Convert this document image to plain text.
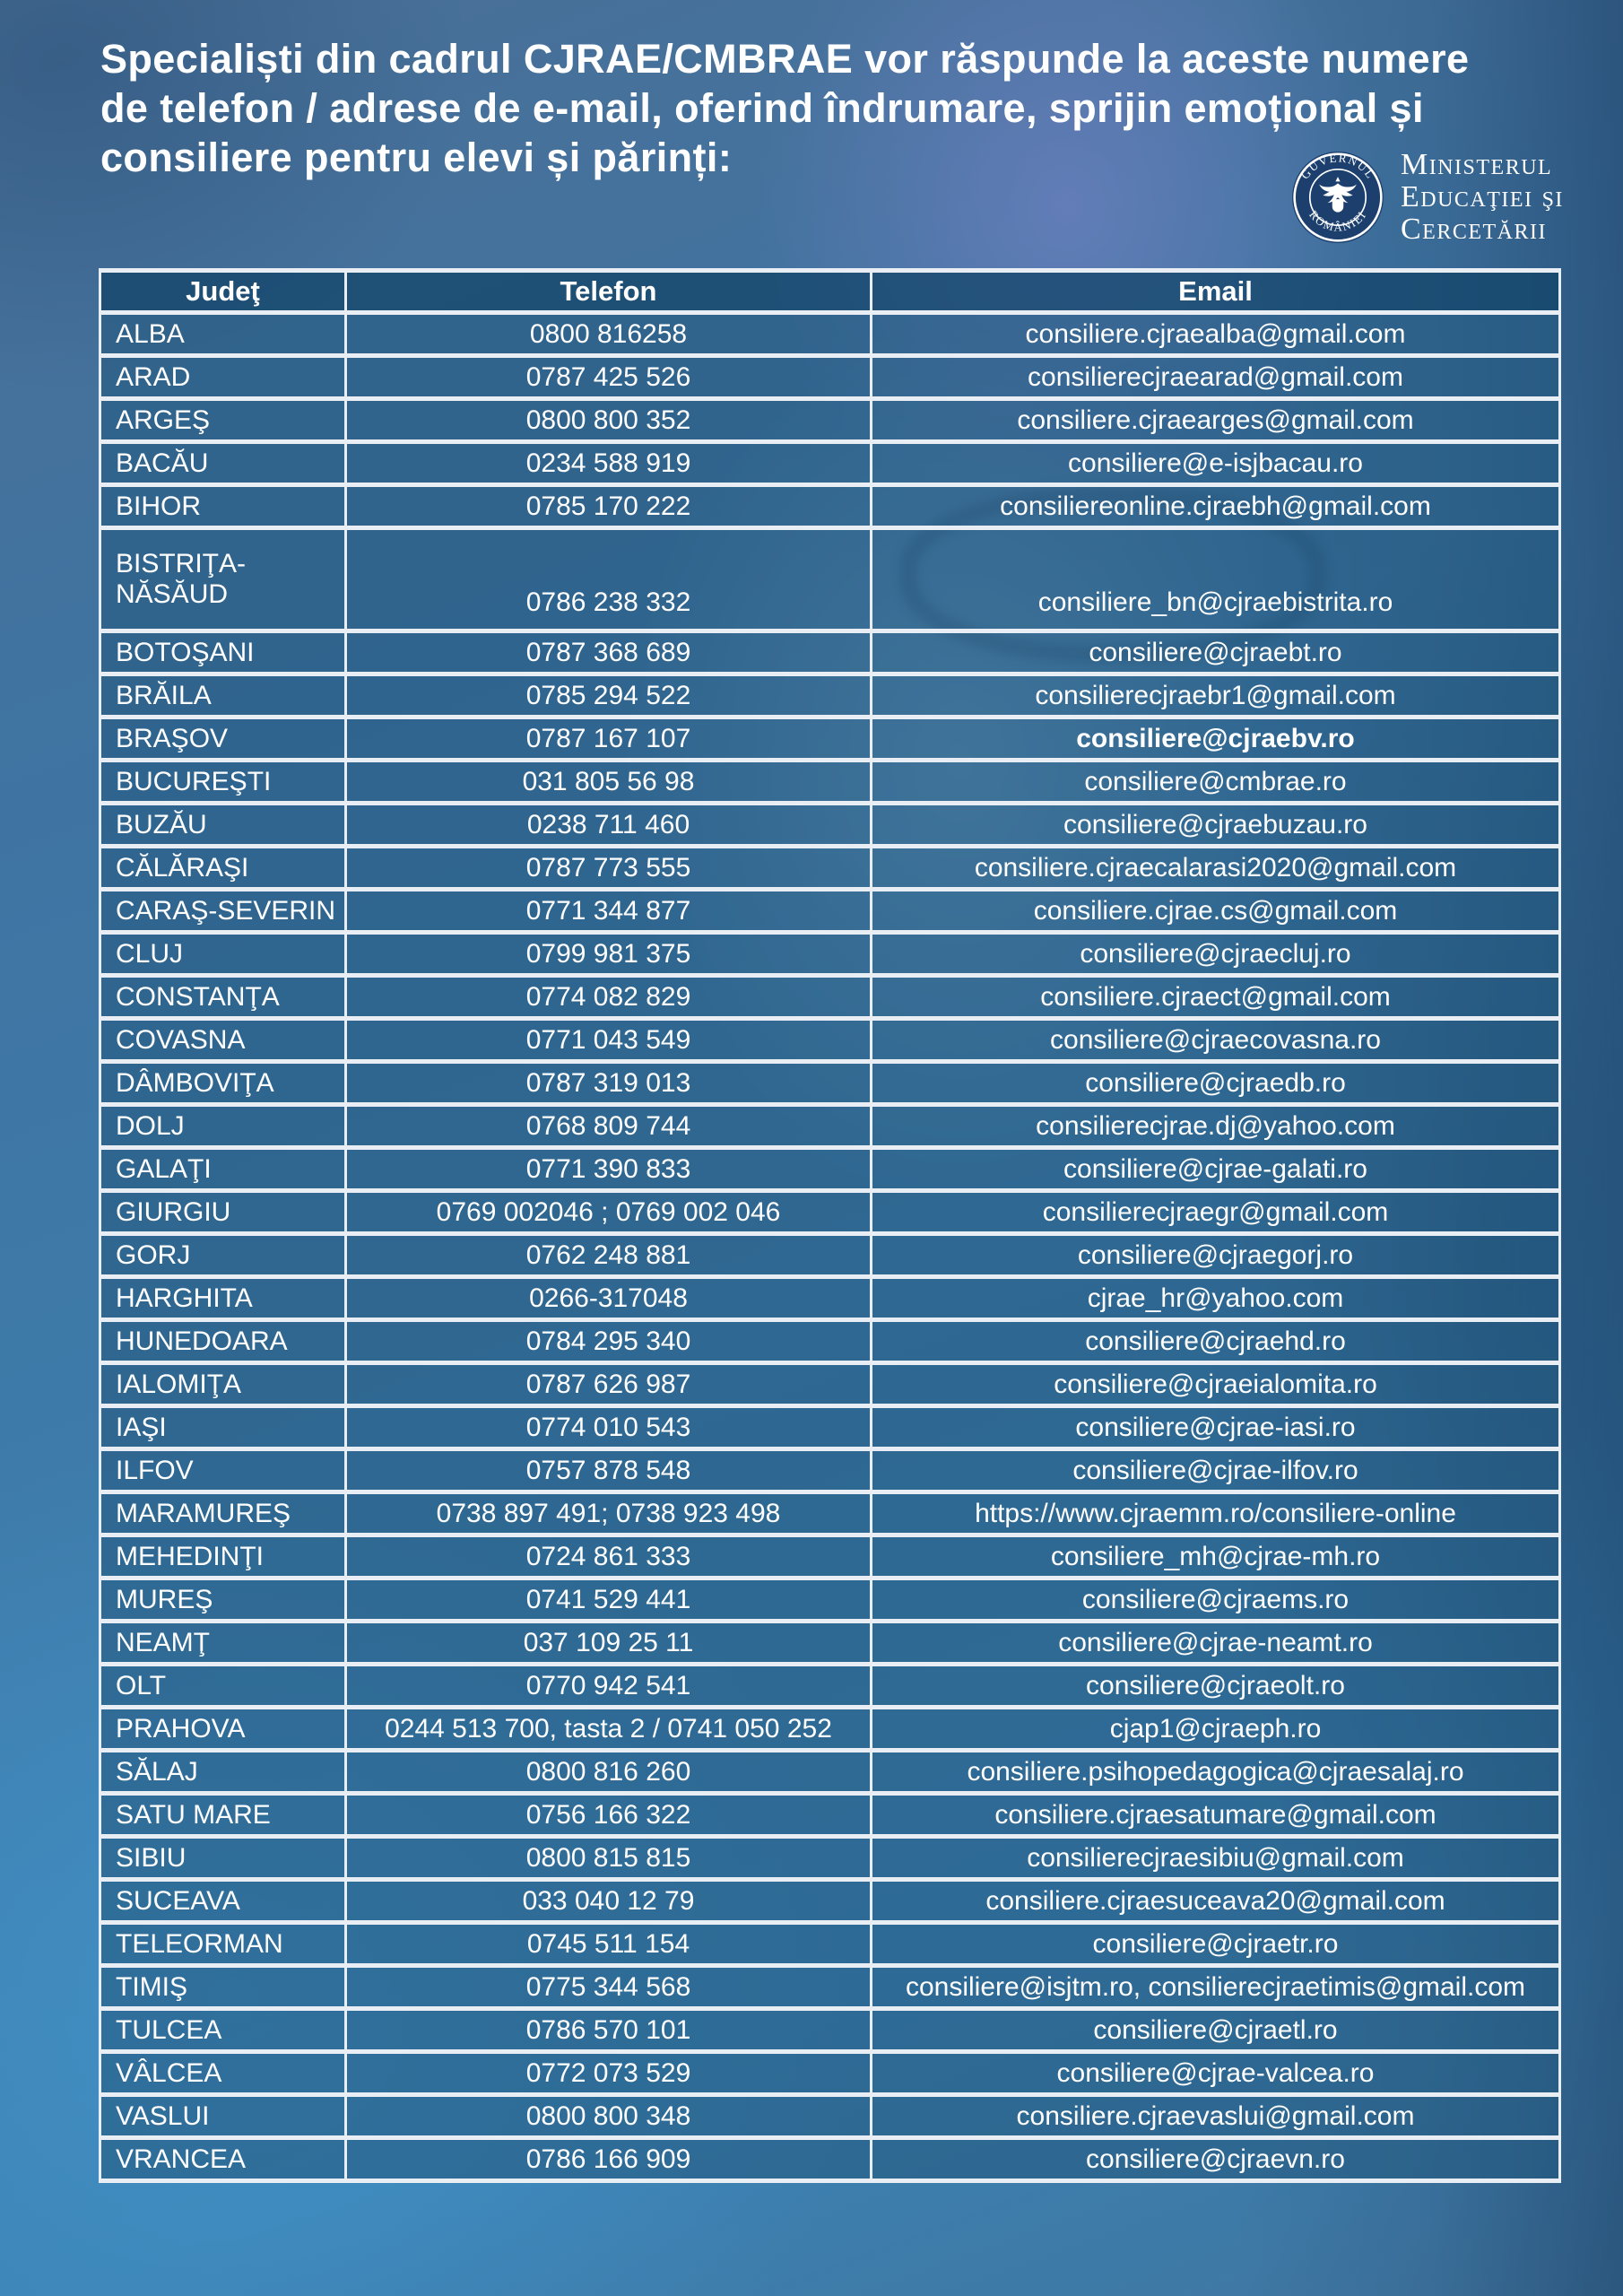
Specialiști din cadrul CJRAE/CMBRAE vor răspunde la aceste numere
de telefon / adrese de e-mail, oferind îndrumare, sprijin emoțional și
consiliere pentru elevi și părinți:	GUVERNUL
ROMÂNIEI
Ministerul
Educaţiei şi
Cercetării
Judeţ	Telefon	Email
ALBA	0800 816258	consiliere.cjraealba@gmail.com
ARAD	0787 425 526	consilierecjraearad@gmail.com
ARGEŞ	0800 800 352	consiliere.cjraearges@gmail.com
BACĂU	0234 588 919	consiliere@e-isjbacau.ro
BIHOR	0785 170 222	consiliereonline.cjraebh@gmail.com
BISTRIŢA-
NĂSĂUD	0786 238 332	consiliere_bn@cjraebistrita.ro
BOTOŞANI	0787 368 689	consiliere@cjraebt.ro
BRĂILA	0785 294 522	consilierecjraebr1@gmail.com
BRAŞOV	0787 167 107	consiliere@cjraebv.ro
BUCUREŞTI	031 805 56 98	consiliere@cmbrae.ro
BUZĂU	0238 711 460	consiliere@cjraebuzau.ro
CĂLĂRAŞI	0787 773 555	consiliere.cjraecalarasi2020@gmail.com
CARAŞ-SEVERIN	0771 344 877	consiliere.cjrae.cs@gmail.com
CLUJ	0799 981 375	consiliere@cjraecluj.ro
CONSTANŢA	0774 082 829	consiliere.cjraect@gmail.com
COVASNA	0771 043 549	consiliere@cjraecovasna.ro
DÂMBOVIŢA	0787 319 013	consiliere@cjraedb.ro
DOLJ	0768 809 744	consilierecjrae.dj@yahoo.com
GALAŢI	0771 390 833	consiliere@cjrae-galati.ro
GIURGIU	0769 002046 ; 0769 002 046	consilierecjraegr@gmail.com
GORJ	0762 248 881	consiliere@cjraegorj.ro
HARGHITA	0266-317048	cjrae_hr@yahoo.com
HUNEDOARA	0784 295 340	consiliere@cjraehd.ro
IALOMIŢA	0787 626 987	consiliere@cjraeialomita.ro
IAŞI	0774 010 543	consiliere@cjrae-iasi.ro
ILFOV	0757 878 548	consiliere@cjrae-ilfov.ro
MARAMUREŞ	0738 897 491; 0738 923 498	https://www.cjraemm.ro/consiliere-online
MEHEDINŢI	0724 861 333	consiliere_mh@cjrae-mh.ro
MUREŞ	0741 529 441	consiliere@cjraems.ro
NEAMŢ	037 109 25 11	consiliere@cjrae-neamt.ro
OLT	0770 942 541	consiliere@cjraeolt.ro
PRAHOVA	0244 513 700, tasta 2 / 0741 050 252	cjap1@cjraeph.ro
SĂLAJ	0800 816 260	consiliere.psihopedagogica@cjraesalaj.ro
SATU MARE	0756 166 322	consiliere.cjraesatumare@gmail.com
SIBIU	0800 815 815	consilierecjraesibiu@gmail.com
SUCEAVA	033 040 12 79	consiliere.cjraesuceava20@gmail.com
TELEORMAN	0745 511 154	consiliere@cjraetr.ro
TIMIŞ	0775 344 568	consiliere@isjtm.ro, consilierecjraetimis@gmail.com
TULCEA	0786 570 101	consiliere@cjraetl.ro
VÂLCEA	0772 073 529	consiliere@cjrae-valcea.ro
VASLUI	0800 800 348	consiliere.cjraevaslui@gmail.com
VRANCEA	0786 166 909	consiliere@cjraevn.ro
